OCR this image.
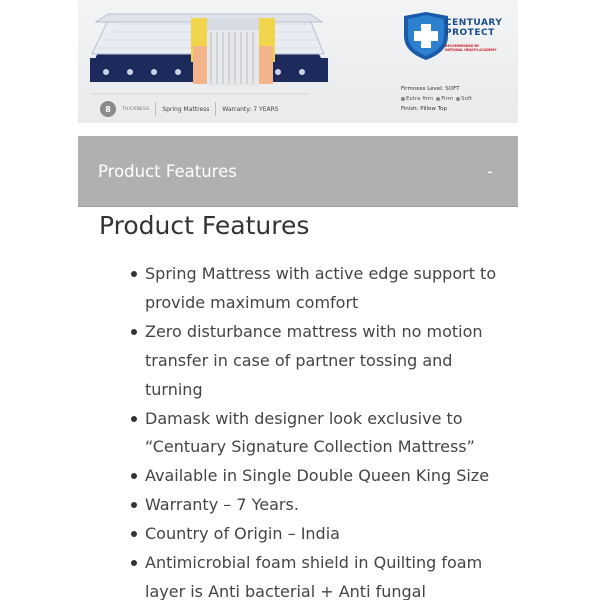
8	THICKNESS Spring Mattress Warranty: 7 YEARS
CENTUARY
PROTECT
RECOMMENDED BY
NATIONAL HEALTH ACADEMY
Firmness Level: SOFT
Extra firm	Firm	Soft
Finish: Pillow Top
Product Features	-
Product Features
Spring Mattress with active edge support to provide maximum comfort
Zero disturbance mattress with no motion transfer in case of partner tossing and turning
Damask with designer look exclusive to “Centuary Signature Collection Mattress”
Available in Single Double Queen King Size
Warranty – 7 Years.
Country of Origin – India
Antimicrobial foam shield in Quilting foam layer is Anti bacterial + Anti fungal
